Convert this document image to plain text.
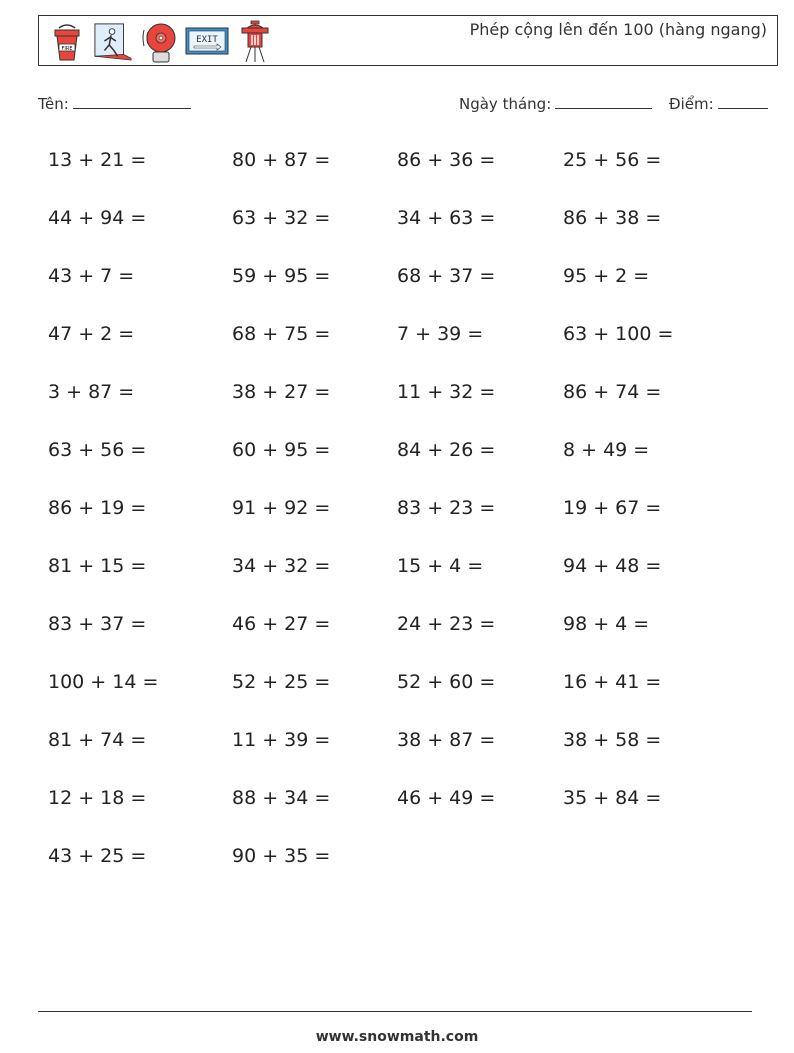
FIRE
EXIT
Phép cộng lên đến 100 (hàng ngang)
Tên:	Ngày tháng:	Điểm:
13 + 21 =	80 + 87 =	86 + 36 =	25 + 56 =
44 + 94 =	63 + 32 =	34 + 63 =	86 + 38 =
43 + 7 =	59 + 95 =	68 + 37 =	95 + 2 =
47 + 2 =	68 + 75 =	7 + 39 =	63 + 100 =
3 + 87 =	38 + 27 =	11 + 32 =	86 + 74 =
63 + 56 =	60 + 95 =	84 + 26 =	8 + 49 =
86 + 19 =	91 + 92 =	83 + 23 =	19 + 67 =
81 + 15 =	34 + 32 =	15 + 4 =	94 + 48 =
83 + 37 =	46 + 27 =	24 + 23 =	98 + 4 =
100 + 14 =	52 + 25 =	52 + 60 =	16 + 41 =
81 + 74 =	11 + 39 =	38 + 87 =	38 + 58 =
12 + 18 =	88 + 34 =	46 + 49 =	35 + 84 =
43 + 25 =	90 + 35 =
www.snowmath.com
